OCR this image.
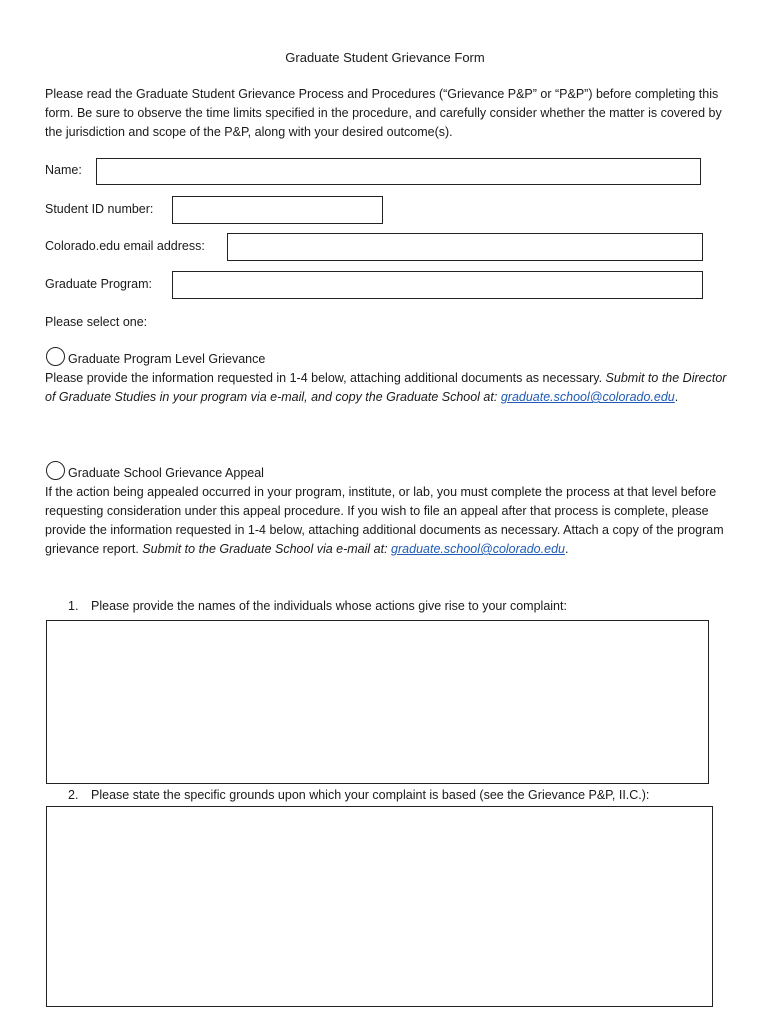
Graduate Student Grievance Form
Please read the Graduate Student Grievance Process and Procedures (“Grievance P&P” or “P&P”) before completing this form. Be sure to observe the time limits specified in the procedure, and carefully consider whether the matter is covered by the jurisdiction and scope of the P&P, along with your desired outcome(s).
Name:
Student ID number:
Colorado.edu email address:
Graduate Program:
Please select one:
Graduate Program Level Grievance
Please provide the information requested in 1-4 below, attaching additional documents as necessary. Submit to the Director of Graduate Studies in your program via e-mail, and copy the Graduate School at: graduate.school@colorado.edu.
Graduate School Grievance Appeal
If the action being appealed occurred in your program, institute, or lab, you must complete the process at that level before requesting consideration under this appeal procedure. If you wish to file an appeal after that process is complete, please provide the information requested in 1-4 below, attaching additional documents as necessary. Attach a copy of the program grievance report. Submit to the Graduate School via e-mail at: graduate.school@colorado.edu.
1. Please provide the names of the individuals whose actions give rise to your complaint:
2. Please state the specific grounds upon which your complaint is based (see the Grievance P&P, II.C.):
